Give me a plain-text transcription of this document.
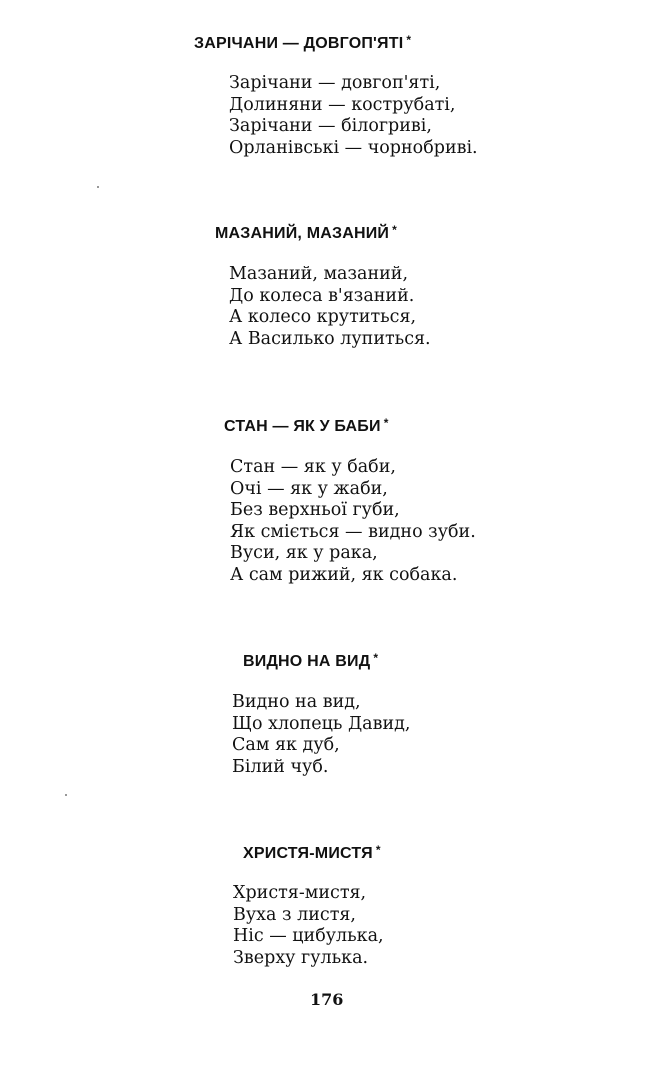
ЗАРІЧАНИ — ДОВГОП'ЯТІ *
Зарічани — довгоп'яті,
Долиняни — кострубаті,
Зарічани — білогриві,
Орланівські — чорнобриві.
МАЗАНИЙ, МАЗАНИЙ *
Мазаний, мазаний,
До колеса в'язаний.
А колесо крутиться,
А Василько лупиться.
СТАН — ЯК У БАБИ *
Стан — як у баби,
Очі — як у жаби,
Без верхньої губи,
Як сміється — видно зуби.
Вуси, як у рака,
А сам рижий, як собака.
ВИДНО НА ВИД *
Видно на вид,
Що хлопець Давид,
Сам як дуб,
Білий чуб.
ХРИСТЯ-МИСТЯ *
Христя-мистя,
Вуха з листя,
Ніс — цибулька,
Зверху гулька.
176
